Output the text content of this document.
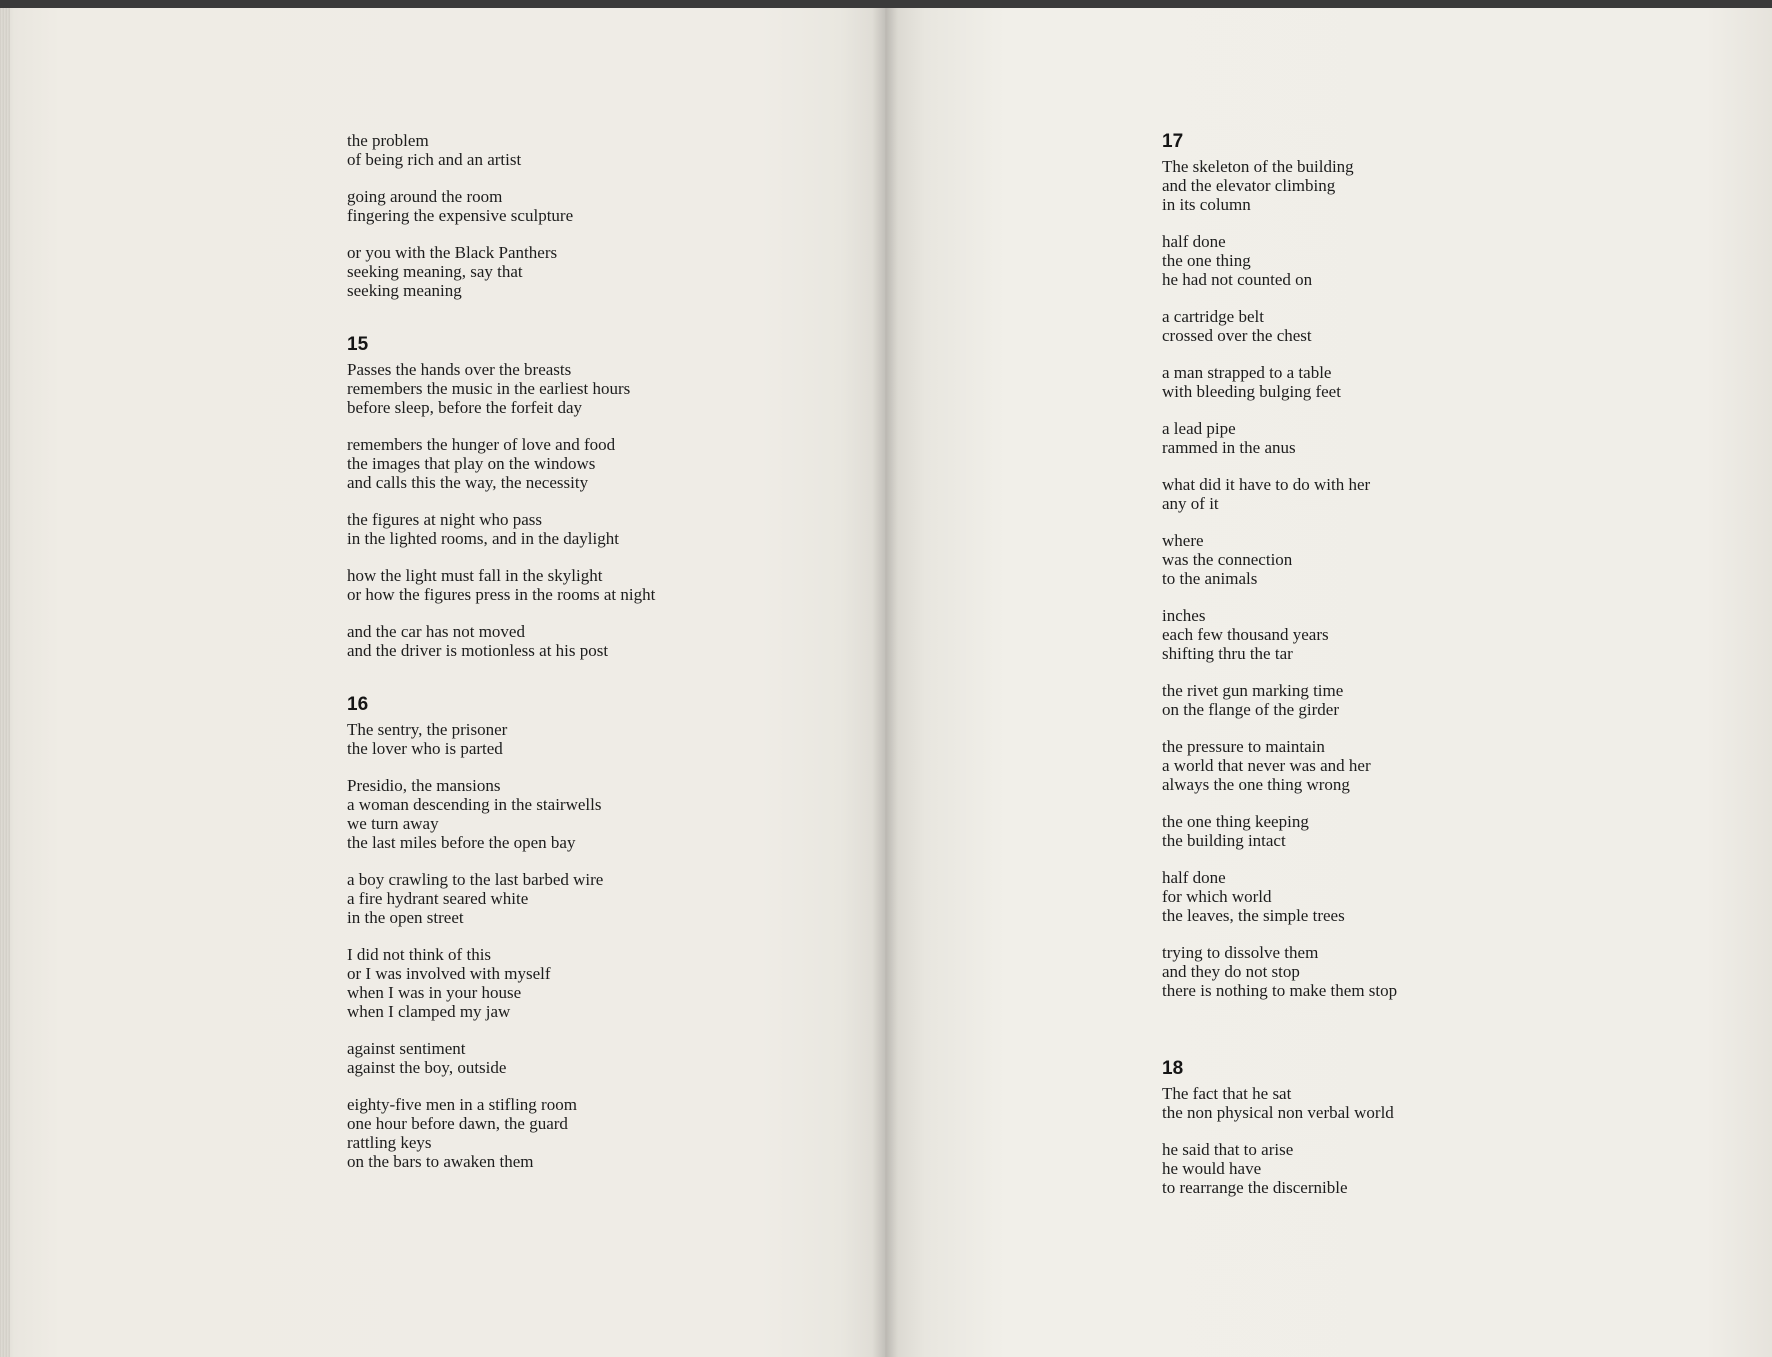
the problem
of being rich and an artist
going around the room
fingering the expensive sculpture
or you with the Black Panthers
seeking meaning, say that
seeking meaning
15
Passes the hands over the breasts
remembers the music in the earliest hours
before sleep, before the forfeit day
remembers the hunger of love and food
the images that play on the windows
and calls this the way, the necessity
the figures at night who pass
in the lighted rooms, and in the daylight
how the light must fall in the skylight
or how the figures press in the rooms at night
and the car has not moved
and the driver is motionless at his post
16
The sentry, the prisoner
the lover who is parted
Presidio, the mansions
a woman descending in the stairwells
we turn away
the last miles before the open bay
a boy crawling to the last barbed wire
a fire hydrant seared white
in the open street
I did not think of this
or I was involved with myself
when I was in your house
when I clamped my jaw
against sentiment
against the boy, outside
eighty-five men in a stifling room
one hour before dawn, the guard
rattling keys
on the bars to awaken them
17
The skeleton of the building
and the elevator climbing
in its column
half done
the one thing
he had not counted on
a cartridge belt
crossed over the chest
a man strapped to a table
with bleeding bulging feet
a lead pipe
rammed in the anus
what did it have to do with her
any of it
where
was the connection
to the animals
inches
each few thousand years
shifting thru the tar
the rivet gun marking time
on the flange of the girder
the pressure to maintain
a world that never was and her
always the one thing wrong
the one thing keeping
the building intact
half done
for which world
the leaves, the simple trees
trying to dissolve them
and they do not stop
there is nothing to make them stop
18
The fact that he sat
the non physical non verbal world
he said that to arise
he would have
to rearrange the discernible
